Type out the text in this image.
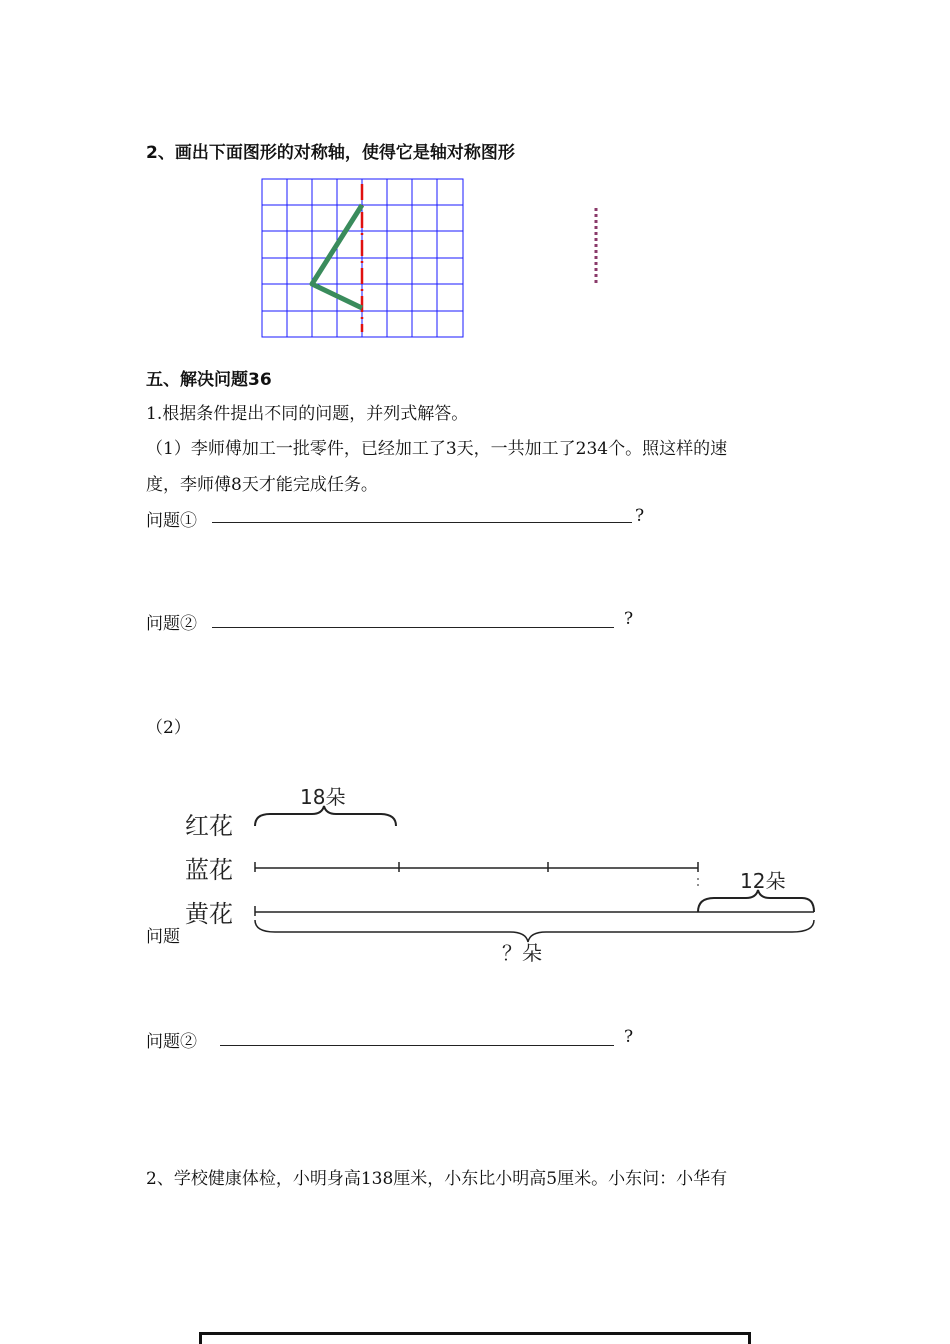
2、画出下面图形的对称轴，使得它是轴对称图形
五、解决问题36
1.根据条件提出不同的问题，并列式解答。
（1）李师傅加工一批零件，已经加工了3天，一共加工了234个。照这样的速
度，李师傅8天才能完成任务。
问题①	?
问题②	?
（2）
红花
蓝花
黄花
18朵
12朵
？朵
问题
问题②	?
2、学校健康体检，小明身高138厘米，小东比小明高5厘米。小东问：小华有
